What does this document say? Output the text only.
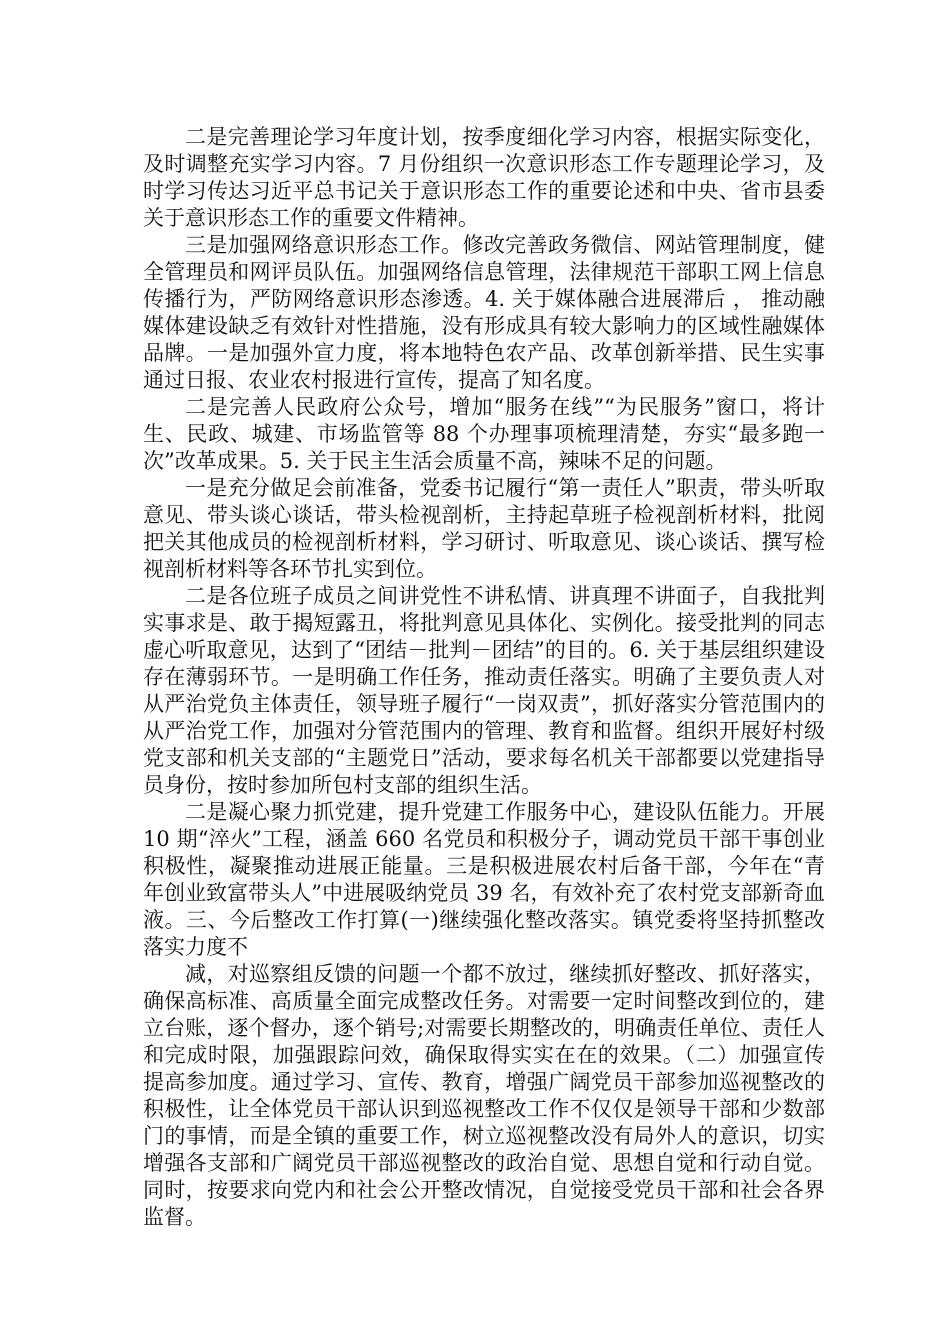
二是完善理论学习年度计划，按季度细化学习内容，根据实际变化，及时调整充实学习内容。7 月份组织一次意识形态工作专题理论学习，及时学习传达习近平总书记关于意识形态工作的重要论述和中央、省市县委关于意识形态工作的重要文件精神。

三是加强网络意识形态工作。修改完善政务微信、网站管理制度，健全管理员和网评员队伍。加强网络信息管理，法律规范干部职工网上信息传播行为，严防网络意识形态渗透。4. 关于媒体融合进展滞后 ， 推动融媒体建设缺乏有效针对性措施，没有形成具有较大影响力的区域性融媒体品牌。一是加强外宣力度，将本地特色农产品、改革创新举措、民生实事通过日报、农业农村报进行宣传，提高了知名度。

二是完善人民政府公众号，增加“服务在线”“为民服务”窗口，将计生、民政、城建、市场监管等 88 个办理事项梳理清楚，夯实“最多跑一次”改革成果。5. 关于民主生活会质量不高，辣味不足的问题。

一是充分做足会前准备，党委书记履行“第一责任人”职责，带头听取意见、带头谈心谈话，带头检视剖析，主持起草班子检视剖析材料，批阅把关其他成员的检视剖析材料，学习研讨、听取意见、谈心谈话、撰写检视剖析材料等各环节扎实到位。

二是各位班子成员之间讲党性不讲私情、讲真理不讲面子，自我批判实事求是、敢于揭短露丑，将批判意见具体化、实例化。接受批判的同志虚心听取意见，达到了“团结－批判－团结”的目的。6. 关于基层组织建设存在薄弱环节。一是明确工作任务，推动责任落实。明确了主要负责人对从严治党负主体责任，领导班子履行“一岗双责”，抓好落实分管范围内的从严治党工作，加强对分管范围内的管理、教育和监督。组织开展好村级党支部和机关支部的“主题党日”活动，要求每名机关干部都要以党建指导员身份，按时参加所包村支部的组织生活。

二是凝心聚力抓党建，提升党建工作服务中心，建设队伍能力。开展 10 期“淬火”工程，涵盖 660 名党员和积极分子，调动党员干部干事创业积极性，凝聚推动进展正能量。三是积极进展农村后备干部，今年在“青年创业致富带头人”中进展吸纳党员 39 名，有效补充了农村党支部新奇血液。三、今后整改工作打算(一)继续强化整改落实。镇党委将坚持抓整改落实力度不

减，对巡察组反馈的问题一个都不放过，继续抓好整改、抓好落实，确保高标准、高质量全面完成整改任务。对需要一定时间整改到位的，建立台账，逐个督办，逐个销号;对需要长期整改的，明确责任单位、责任人和完成时限，加强跟踪问效，确保取得实实在在的效果。（二）加强宣传提高参加度。通过学习、宣传、教育，增强广阔党员干部参加巡视整改的积极性，让全体党员干部认识到巡视整改工作不仅仅是领导干部和少数部门的事情，而是全镇的重要工作，树立巡视整改没有局外人的意识，切实增强各支部和广阔党员干部巡视整改的政治自觉、思想自觉和行动自觉。同时，按要求向党内和社会公开整改情况，自觉接受党员干部和社会各界监督。
